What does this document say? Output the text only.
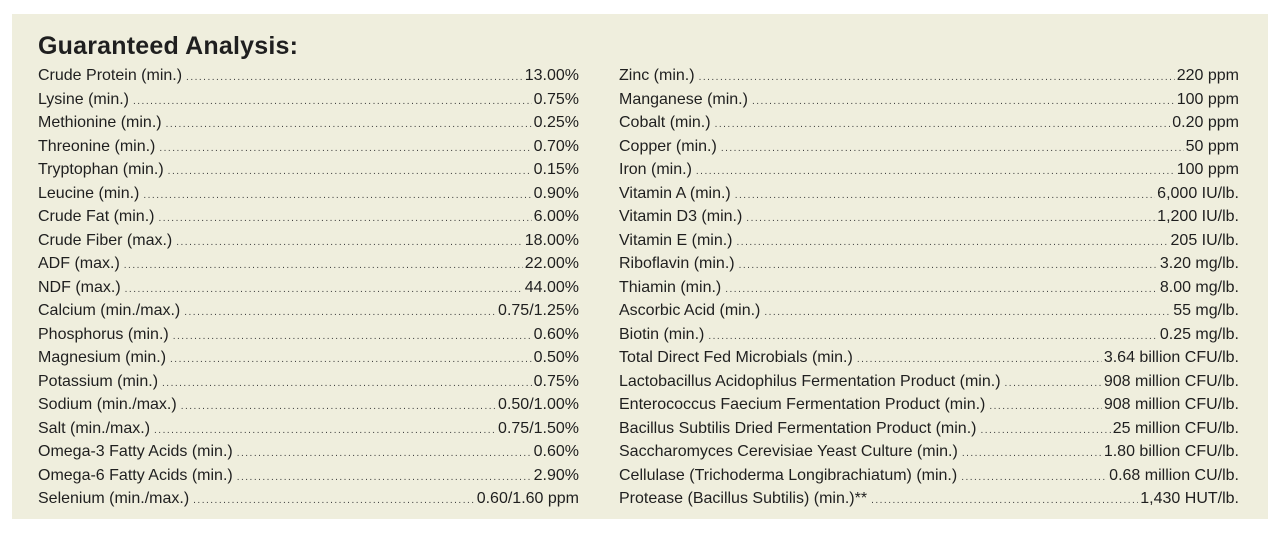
Guaranteed Analysis:
Crude Protein (min.) .....	13.00%
Lysine (min.) .....	0.75%
Methionine (min.) .....	0.25%
Threonine (min.) .....	0.70%
Tryptophan (min.) .....	0.15%
Leucine (min.) .....	0.90%
Crude Fat (min.) .....	6.00%
Crude Fiber (max.) .....	18.00%
ADF (max.) .....	22.00%
NDF (max.) .....	44.00%
Calcium (min./max.) .....	0.75/1.25%
Phosphorus (min.) .....	0.60%
Magnesium (min.) .....	0.50%
Potassium (min.) .....	0.75%
Sodium (min./max.) .....	0.50/1.00%
Salt (min./max.) .....	0.75/1.50%
Omega-3 Fatty Acids (min.) .....	0.60%
Omega-6 Fatty Acids (min.) .....	2.90%
Selenium (min./max.) .....	0.60/1.60 ppm
Zinc (min.) .....	220 ppm
Manganese (min.) .....	100 ppm
Cobalt (min.) .....	0.20 ppm
Copper (min.) .....	50 ppm
Iron (min.) .....	100 ppm
Vitamin A (min.) .....	6,000 IU/lb.
Vitamin D3 (min.) .....	1,200 IU/lb.
Vitamin E (min.) .....	205 IU/lb.
Riboflavin (min.) .....	3.20 mg/lb.
Thiamin (min.) .....	8.00 mg/lb.
Ascorbic Acid (min.) .....	55 mg/lb.
Biotin (min.) .....	0.25 mg/lb.
Total Direct Fed Microbials (min.) .....	3.64 billion CFU/lb.
Lactobacillus Acidophilus Fermentation Product (min.) .....	908 million CFU/lb.
Enterococcus Faecium Fermentation Product (min.) .....	908 million CFU/lb.
Bacillus Subtilis Dried Fermentation Product (min.) .....	25 million CFU/lb.
Saccharomyces Cerevisiae Yeast Culture (min.) .....	1.80 billion CFU/lb.
Cellulase (Trichoderma Longibrachiatum) (min.) .....	0.68 million CU/lb.
Protease (Bacillus Subtilis) (min.)** .....	1,430 HUT/lb.
